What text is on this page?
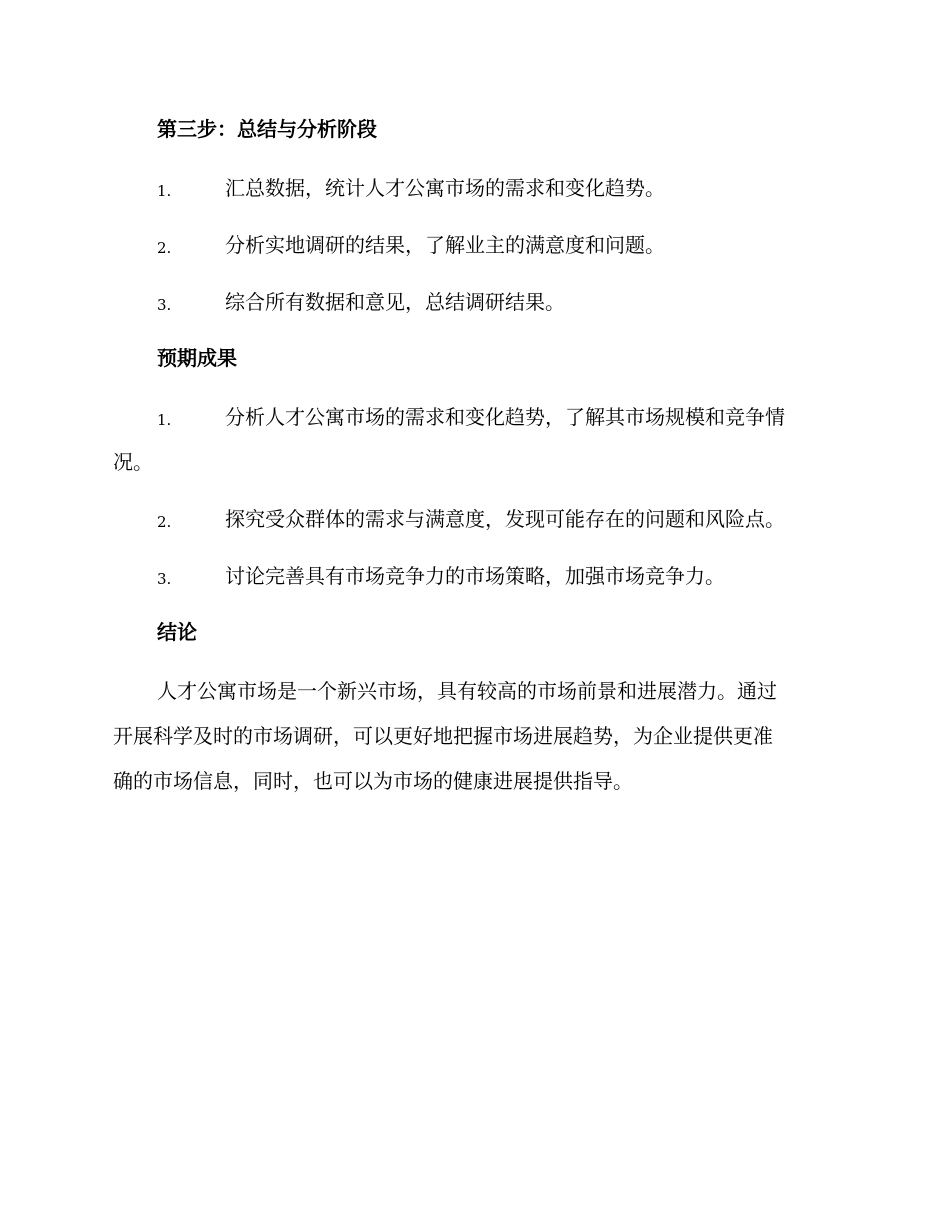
第三步：总结与分析阶段
1.	汇总数据，统计人才公寓市场的需求和变化趋势。
2.	分析实地调研的结果，了解业主的满意度和问题。
3.	综合所有数据和意见，总结调研结果。
预期成果
1.	分析人才公寓市场的需求和变化趋势，了解其市场规模和竞争情
况。
2.	探究受众群体的需求与满意度，发现可能存在的问题和风险点。
3.	讨论完善具有市场竞争力的市场策略，加强市场竞争力。
结论
人才公寓市场是一个新兴市场，具有较高的市场前景和进展潜力。通过
开展科学及时的市场调研，可以更好地把握市场进展趋势，为企业提供更准
确的市场信息，同时，也可以为市场的健康进展提供指导。
